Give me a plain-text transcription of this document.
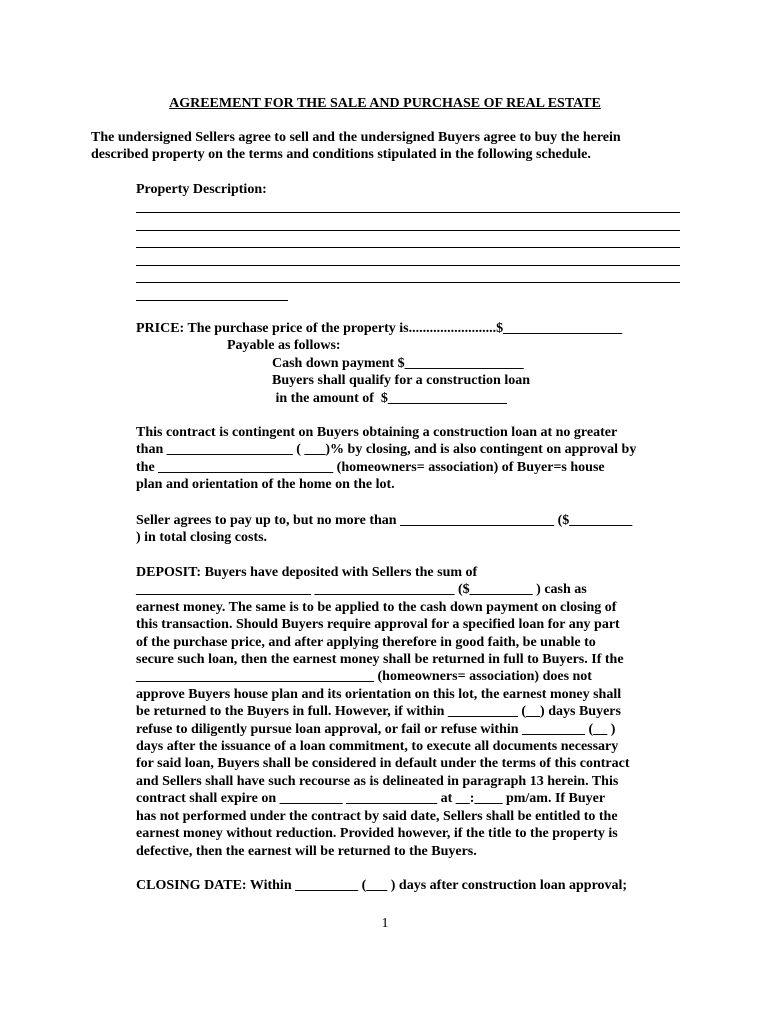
AGREEMENT FOR THE SALE AND PURCHASE OF REAL ESTATE
The undersigned Sellers agree to sell and the undersigned Buyers agree to buy the herein
described property on the terms and conditions stipulated in the following schedule.
Property Description:
PRICE: The purchase price of the property is.........................$_________________
Payable as follows:
Cash down payment $_________________
Buyers shall qualify for a construction loan
in the amount of  $_________________
This contract is contingent on Buyers obtaining a construction loan at no greater
than __________________ ( ___)% by closing, and is also contingent on approval by
the _________________________ (homeowners= association) of Buyer=s house
plan and orientation of the home on the lot.
Seller agrees to pay up to, but no more than ______________________ ($_________
) in total closing costs.
DEPOSIT: Buyers have deposited with Sellers the sum of
_________________________ ____________________ ($_________ ) cash as
earnest money. The same is to be applied to the cash down payment on closing of
this transaction. Should Buyers require approval for a specified loan for any part
of the purchase price, and after applying therefore in good faith, be unable to
secure such loan, then the earnest money shall be returned in full to Buyers. If the
__________________________________ (homeowners= association) does not
approve Buyers house plan and its orientation on this lot, the earnest money shall
be returned to the Buyers in full. However, if within __________ (__) days Buyers
refuse to diligently pursue loan approval, or fail or refuse within _________ (__ )
days after the issuance of a loan commitment, to execute all documents necessary
for said loan, Buyers shall be considered in default under the terms of this contract
and Sellers shall have such recourse as is delineated in paragraph 13 herein. This
contract shall expire on _________ _____________ at __:____ pm/am. If Buyer
has not performed under the contract by said date, Sellers shall be entitled to the
earnest money without reduction. Provided however, if the title to the property is
defective, then the earnest will be returned to the Buyers.
CLOSING DATE: Within _________ (___ ) days after construction loan approval;
1
